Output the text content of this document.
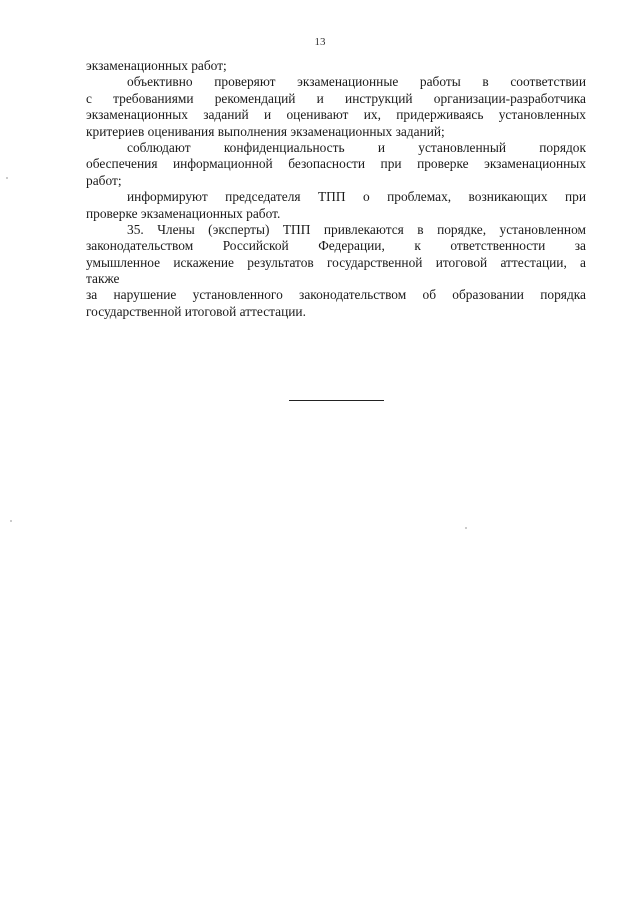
13
экзаменационных работ;
объективно проверяют экзаменационные работы в соответствии
с требованиями рекомендаций и инструкций организации-разработчика
экзаменационных заданий и оценивают их, придерживаясь установленных
критериев оценивания выполнения экзаменационных заданий;
соблюдают конфиденциальность и установленный порядок
обеспечения информационной безопасности при проверке экзаменационных
работ;
информируют председателя ТПП о проблемах, возникающих при
проверке экзаменационных работ.
35. Члены (эксперты) ТПП привлекаются в порядке, установленном
законодательством Российской Федерации, к ответственности за
умышленное искажение результатов государственной итоговой аттестации, а
также
за нарушение установленного законодательством об образовании порядка
государственной итоговой аттестации.
